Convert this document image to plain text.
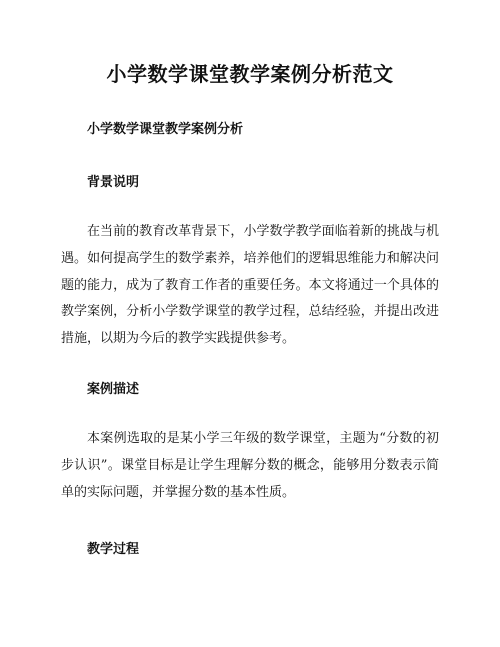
小学数学课堂教学案例分析范文

小学数学课堂教学案例分析

背景说明

在当前的教育改革背景下，小学数学教学面临着新的挑战与机遇。如何提高学生的数学素养，培养他们的逻辑思维能力和解决问题的能力，成为了教育工作者的重要任务。本文将通过一个具体的教学案例，分析小学数学课堂的教学过程，总结经验，并提出改进措施，以期为今后的教学实践提供参考。

案例描述

本案例选取的是某小学三年级的数学课堂，主题为“分数的初步认识”。课堂目标是让学生理解分数的概念，能够用分数表示简单的实际问题，并掌握分数的基本性质。

教学过程
